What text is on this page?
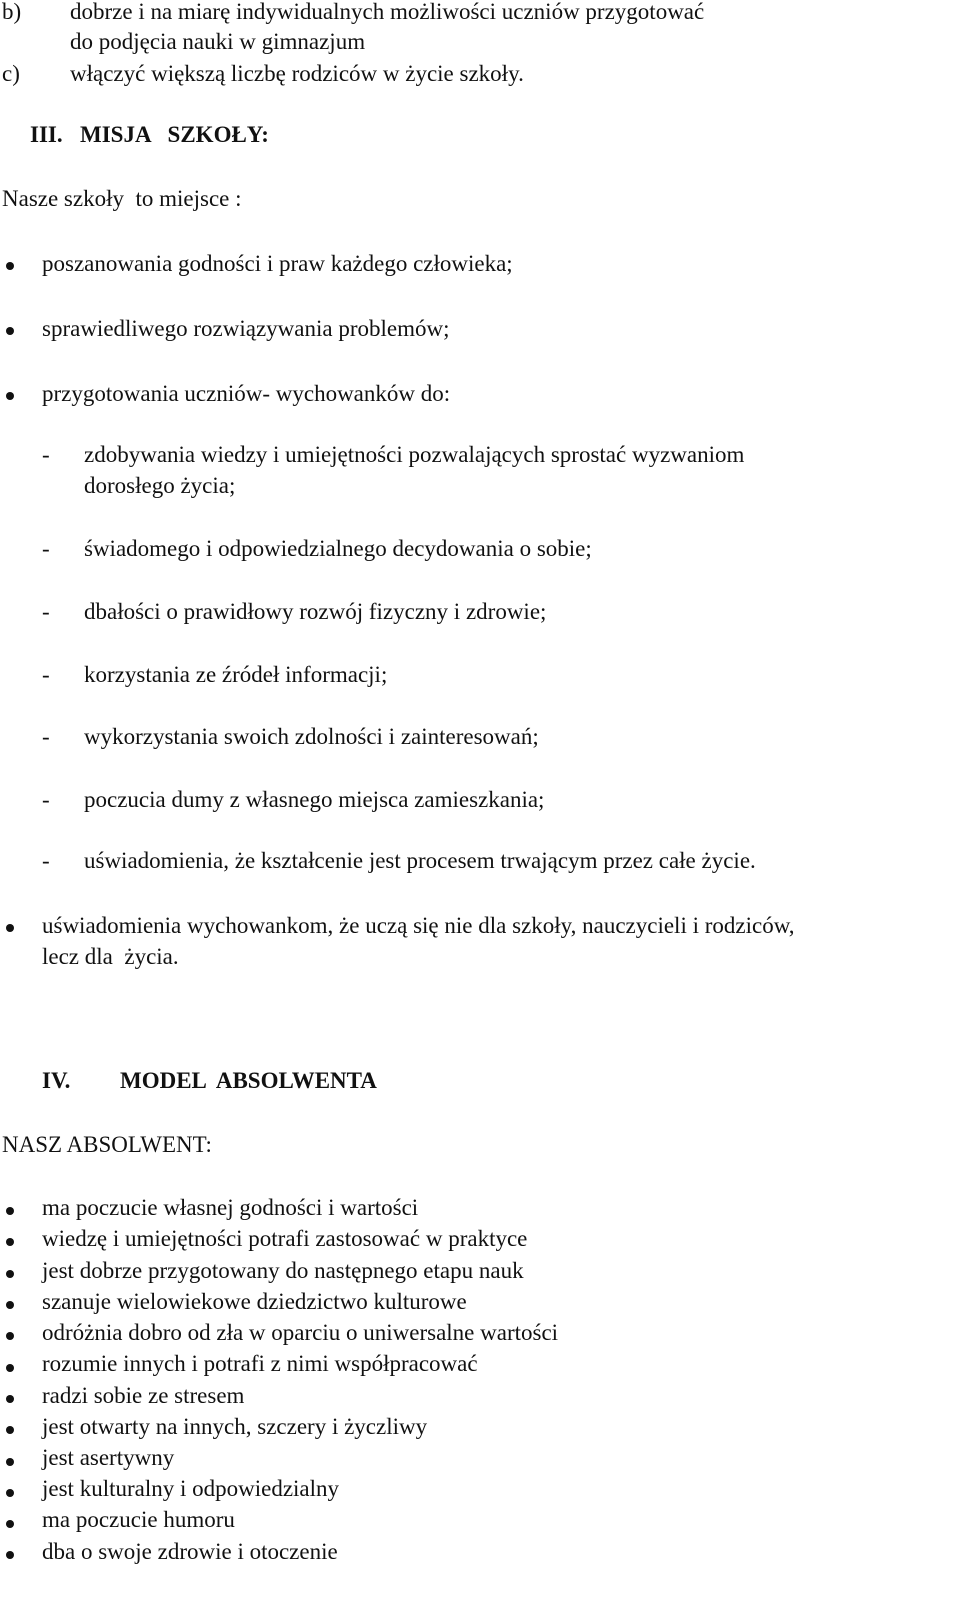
b) dobrze i na miarę indywidualnych możliwości uczniów przygotować
do podjęcia nauki w gimnazjum
c) włączyć większą liczbę rodziców w życie szkoły.
III. MISJA   SZKOŁY:
Nasze szkoły  to miejsce :
poszanowania godności i praw każdego człowieka;
sprawiedliwego rozwiązywania problemów;
przygotowania uczniów- wychowanków do:
- zdobywania wiedzy i umiejętności pozwalających sprostać wyzwaniom
dorosłego życia;
- świadomego i odpowiedzialnego decydowania o sobie;
- dbałości o prawidłowy rozwój fizyczny i zdrowie;
- korzystania ze źródeł informacji;
- wykorzystania swoich zdolności i zainteresowań;
- poczucia dumy z własnego miejsca zamieszkania;
- uświadomienia, że kształcenie jest procesem trwającym przez całe życie.
uświadomienia wychowankom, że uczą się nie dla szkoły, nauczycieli i rodziców,
lecz dla  życia.
IV. MODEL  ABSOLWENTA
NASZ ABSOLWENT:
ma poczucie własnej godności i wartości
wiedzę i umiejętności potrafi zastosować w praktyce
jest dobrze przygotowany do następnego etapu nauk
szanuje wielowiekowe dziedzictwo kulturowe
odróżnia dobro od zła w oparciu o uniwersalne wartości
rozumie innych i potrafi z nimi współpracować
radzi sobie ze stresem
jest otwarty na innych, szczery i życzliwy
jest asertywny
jest kulturalny i odpowiedzialny
ma poczucie humoru
dba o swoje zdrowie i otoczenie
